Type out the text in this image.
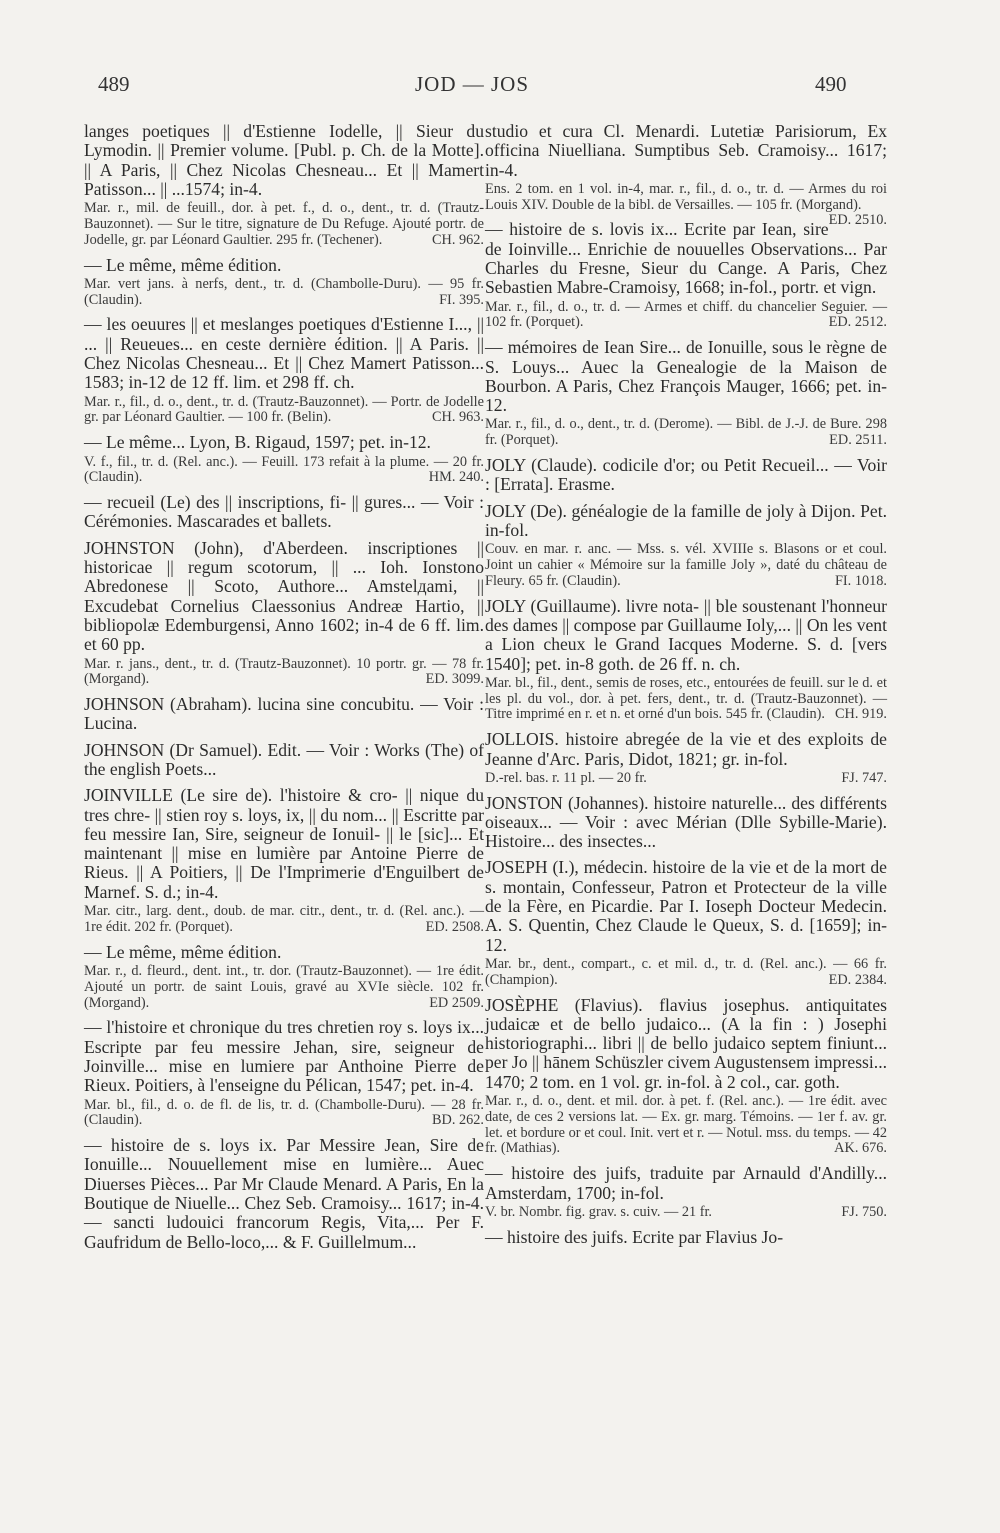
489	JOD — JOS	490

langes poetiques || d'Estienne Iodelle, || Sieur du Lymodin. || Premier volume. [Publ. p. Ch. de la Motte]. || A Paris, || Chez Nicolas Chesneau... Et || Mamert Patisson... || ...1574; in-4.

Mar. r., mil. de feuill., dor. à pet. f., d. o., dent., tr. d. (Trautz-Bauzonnet). — Sur le titre, signature de Du Refuge. Ajouté portr. de Jodelle, gr. par Léonard Gaultier. 295 fr. (Techener).	CH. 962.

— Le même, même édition.

Mar. vert jans. à nerfs, dent., tr. d. (Chambolle-Duru). — 95 fr. (Claudin).	FI. 395.

— les oeuures || et meslanges poetiques d'Estienne I..., || ... || Reueues... en ceste dernière édition. || A Paris. || Chez Nicolas Chesneau... Et || Chez Mamert Patisson... 1583; in-12 de 12 ff. lim. et 298 ff. ch.

Mar. r., fil., d. o., dent., tr. d. (Trautz-Bauzonnet). — Portr. de Jodelle gr. par Léonard Gaultier. — 100 fr. (Belin).	CH. 963.

— Le même... Lyon, B. Rigaud, 1597; pet. in-12.

V. f., fil., tr. d. (Rel. anc.). — Feuill. 173 refait à la plume. — 20 fr. (Claudin).	HM. 240.

— recueil (Le) des || inscriptions, fi- || gures... — Voir : Cérémonies. Mascarades et ballets.

JOHNSTON (John), d'Aberdeen. inscriptiones || historicae || regum scotorum, || ... Ioh. Ionstono Abredonese || Scoto, Authore... Amstelдami, || Excudebat Cornelius Claessonius Andreæ Hartio, || bibliopolæ Edemburgensi, Anno 1602; in-4 de 6 ff. lim. et 60 pp.

Mar. r. jans., dent., tr. d. (Trautz-Bauzonnet). 10 portr. gr. — 78 fr. (Morgand).	ED. 3099.

JOHNSON (Abraham). lucina sine concubitu. — Voir : Lucina.

JOHNSON (Dr Samuel). Edit. — Voir : Works (The) of the english Poets...

JOINVILLE (Le sire de). l'histoire & cro- || nique du tres chre- || stien roy s. loys, ix, || du nom... || Escritte par feu messire Ian, Sire, seigneur de Ionuil- || le [sic]... Et maintenant || mise en lumière par Antoine Pierre de Rieus. || A Poitiers, || De l'Imprimerie d'Enguilbert de Marnef. S. d.; in-4.

Mar. citr., larg. dent., doub. de mar. citr., dent., tr. d. (Rel. anc.). — 1re édit. 202 fr. (Porquet).	ED. 2508.

— Le même, même édition.

Mar. r., d. fleurd., dent. int., tr. dor. (Trautz-Bauzonnet). — 1re édit. Ajouté un portr. de saint Louis, gravé au XVIe siècle. 102 fr. (Morgand).	ED 2509.

— l'histoire et chronique du tres chretien roy s. loys ix... Escripte par feu messire Jehan, sire, seigneur de Joinville... mise en lumiere par Anthoine Pierre de Rieux. Poitiers, à l'enseigne du Pélican, 1547; pet. in-4.

Mar. bl., fil., d. o. de fl. de lis, tr. d. (Chambolle-Duru). — 28 fr. (Claudin).	BD. 262.

— histoire de s. loys ix. Par Messire Jean, Sire de Ionuille... Nouuellement mise en lumière... Auec Diuerses Pièces... Par Mr Claude Menard. A Paris, En la Boutique de Niuelle... Chez Seb. Cramoisy... 1617; in-4. — sancti ludouici francorum Regis, Vita,... Per F. Gaufridum de Bello-loco,... & F. Guillelmum...

studio et cura Cl. Menardi. Lutetiæ Parisiorum, Ex officina Niuelliana. Sumptibus Seb. Cramoisy... 1617; in-4.

Ens. 2 tom. en 1 vol. in-4, mar. r., fil., d. o., tr. d. — Armes du roi Louis XIV. Double de la bibl. de Versailles. — 105 fr. (Morgand).
ED. 2510.

— histoire de s. lovis ix... Ecrite par Iean, sire de Ioinville... Enrichie de nouuelles Observations... Par Charles du Fresne, Sieur du Cange. A Paris, Chez Sebastien Mabre-Cramoisy, 1668; in-fol., portr. et vign.

Mar. r., fil., d. o., tr. d. — Armes et chiff. du chancelier Seguier. — 102 fr. (Porquet).	ED. 2512.

— mémoires de Iean Sire... de Ionuille, sous le règne de S. Louys... Auec la Genealogie de la Maison de Bourbon. A Paris, Chez François Mauger, 1666; pet. in-12.

Mar. r., fil., d. o., dent., tr. d. (Derome). — Bibl. de J.-J. de Bure. 298 fr. (Porquet).	ED. 2511.

JOLY (Claude). codicile d'or; ou Petit Recueil... — Voir : [Errata]. Erasme.

JOLY (De). généalogie de la famille de joly à Dijon. Pet. in-fol.

Couv. en mar. r. anc. — Mss. s. vél. XVIIIe s. Blasons or et coul. Joint un cahier « Mémoire sur la famille Joly », daté du château de Fleury. 65 fr. (Claudin).	FI. 1018.

JOLY (Guillaume). livre nota- || ble soustenant l'honneur des dames || compose par Guillaume Ioly,... || On les vent a Lion cheux le Grand Iacques Moderne. S. d. [vers 1540]; pet. in-8 goth. de 26 ff. n. ch.

Mar. bl., fil., dent., semis de roses, etc., entourées de feuill. sur le d. et les pl. du vol., dor. à pet. fers, dent., tr. d. (Trautz-Bauzonnet). — Titre imprimé en r. et n. et orné d'un bois. 545 fr. (Claudin). CH. 919.

JOLLOIS. histoire abregée de la vie et des exploits de Jeanne d'Arc. Paris, Didot, 1821; gr. in-fol.

D.-rel. bas. r. 11 pl. — 20 fr.	FJ. 747.

JONSTON (Johannes). histoire naturelle... des différents oiseaux... — Voir : avec Mérian (Dlle Sybille-Marie). Histoire... des insectes...

JOSEPH (I.), médecin. histoire de la vie et de la mort de s. montain, Confesseur, Patron et Protecteur de la ville de la Fère, en Picardie. Par I. Ioseph Docteur Medecin. A. S. Quentin, Chez Claude le Queux, S. d. [1659]; in-12.

Mar. br., dent., compart., c. et mil. d., tr. d. (Rel. anc.). — 66 fr. (Champion).	ED. 2384.

JOSÈPHE (Flavius). flavius josephus. antiquitates judaicæ et de bello judaico... (A la fin : ) Josephi historiographi... libri || de bello judaico septem finiunt... per Jo || hānem Schüszler civem Augustensem impressi... 1470; 2 tom. en 1 vol. gr. in-fol. à 2 col., car. goth.

Mar. r., d. o., dent. et mil. dor. à pet. f. (Rel. anc.). — 1re édit. avec date, de ces 2 versions lat. — Ex. gr. marg. Témoins. — 1er f. av. gr. let. et bordure or et coul. Init. vert et r. — Notul. mss. du temps. — 42 fr. (Mathias).	AK. 676.

— histoire des juifs, traduite par Arnauld d'Andilly... Amsterdam, 1700; in-fol.

V. br. Nombr. fig. grav. s. cuiv. — 21 fr.	FJ. 750.

— histoire des juifs. Ecrite par Flavius Jo-
